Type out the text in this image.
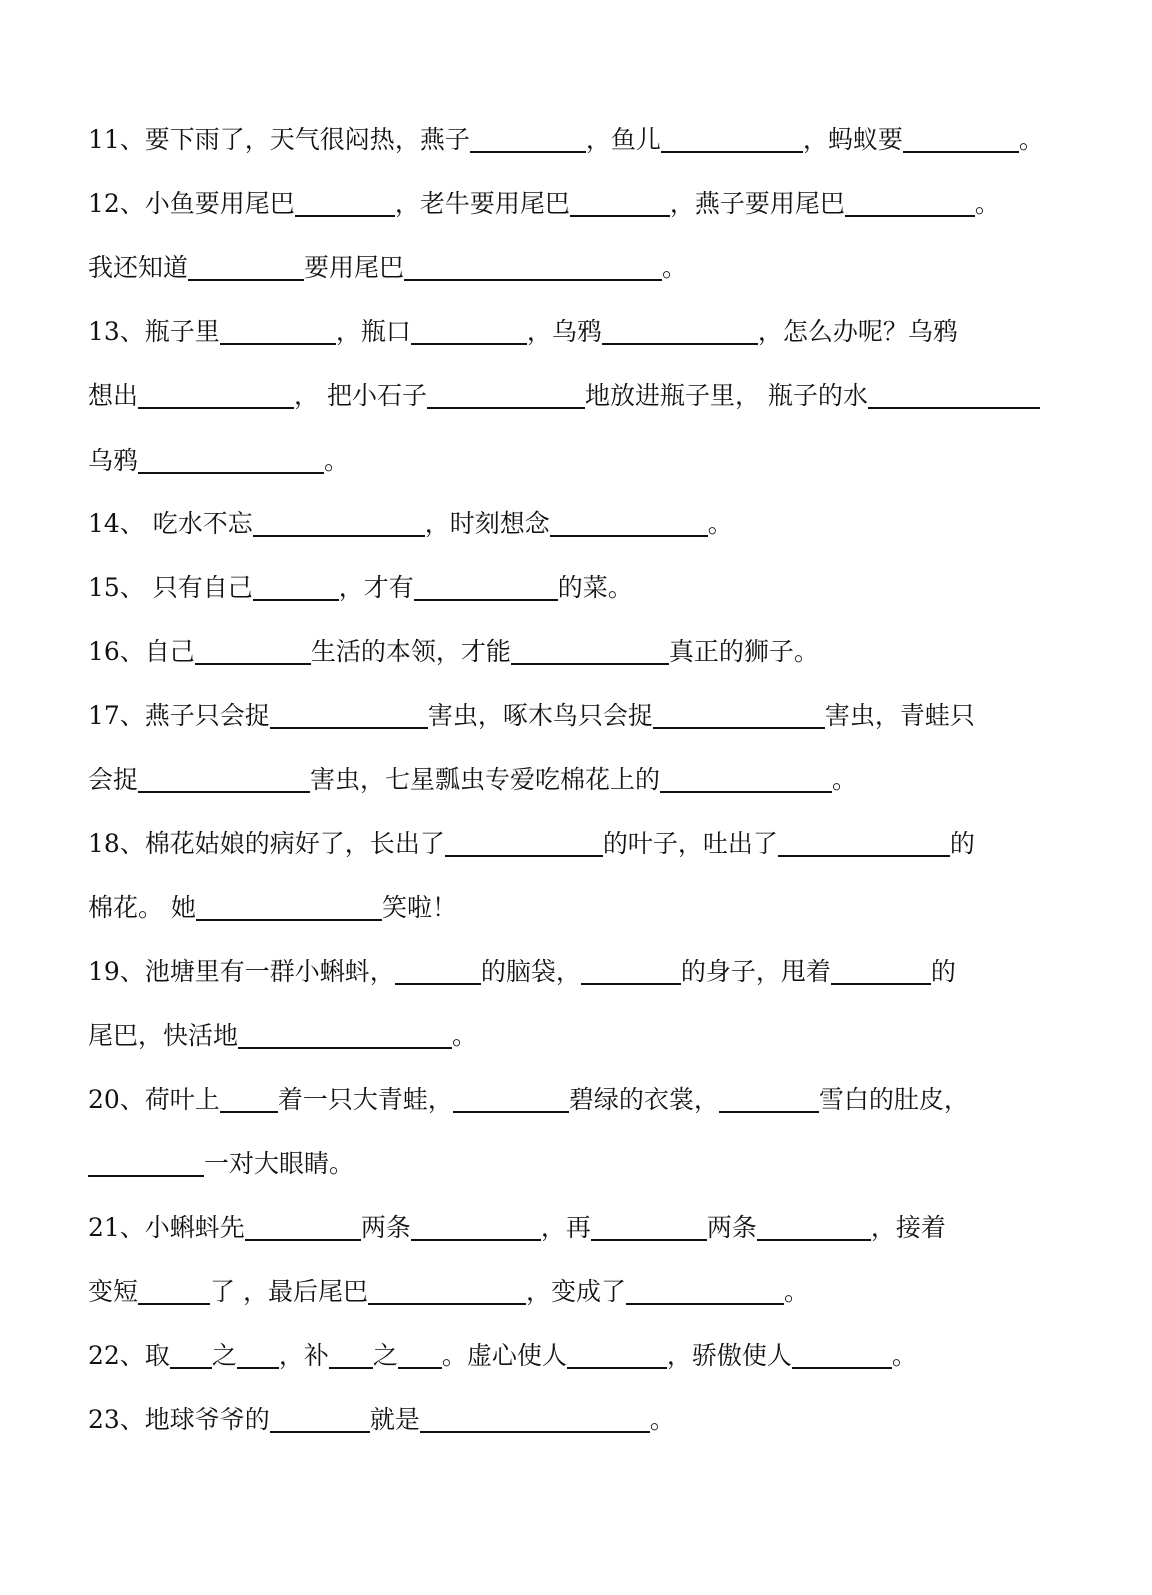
11、要下雨了，天气很闷热，燕子	，鱼儿	，蚂蚁要	。
12、小鱼要用尾巴	，老牛要用尾巴	，燕子要用尾巴	。
我还知道	要用尾巴	。
13、瓶子里	，瓶口	，乌鸦	，怎么办呢？乌鸦
想出	， 把小石子	地放进瓶子里， 瓶子的水
乌鸦	。
14、 吃水不忘	，时刻想念	。
15、 只有自己	，才有	的菜。
16、自己	生活的本领，才能	真正的狮子。
17、燕子只会捉	害虫，啄木鸟只会捉	害虫，青蛙只
会捉	害虫，七星瓢虫专爱吃棉花上的	。
18、棉花姑娘的病好了，长出了	的叶子，吐出了	的
棉花。 她	笑啦！
19、池塘里有一群小蝌蚪，	的脑袋，	的身子，甩着	的
尾巴，快活地	。
20、荷叶上 着一只大青蛙，	碧绿的衣裳，	雪白的肚皮，
一对大眼睛。
21、小蝌蚪先	两条	，再	两条	，接着
变短	了 ，最后尾巴	，变成了	。
22、取 之 ，补 之 。虚心使人	，骄傲使人	。
23、地球爷爷的	就是	。
